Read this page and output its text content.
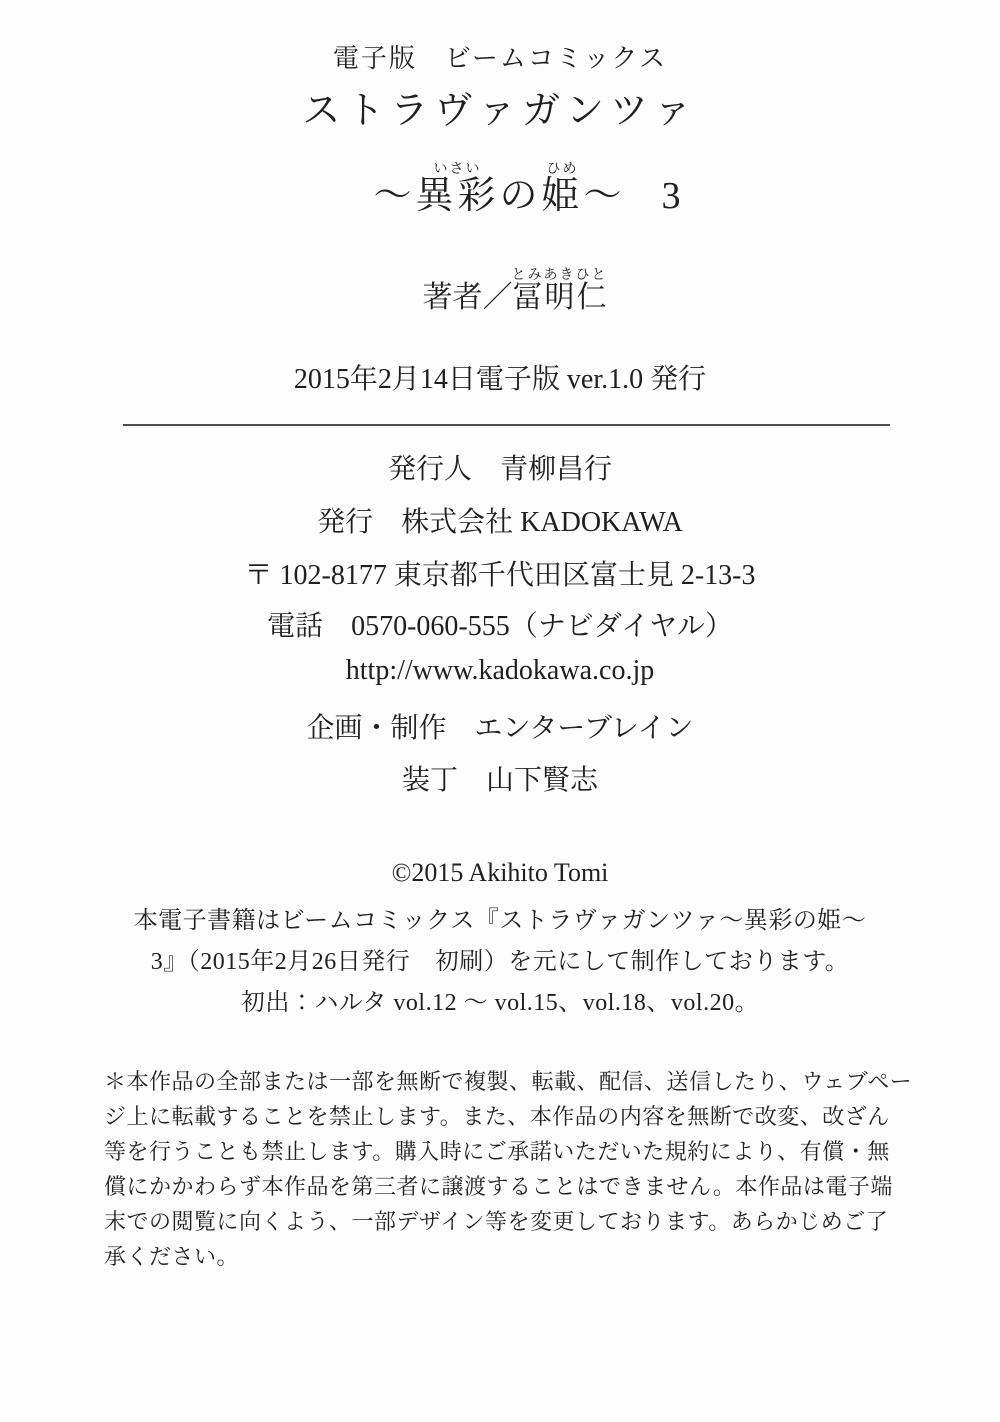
電子版　ビームコミックス
ストラヴァガンツァ

～異彩いさいの姫ひめ～ 3

著者／冨明仁とみあきひと

2015年2月14日電子版 ver.1.0 発行
発行人　青柳昌行
発行　株式会社 KADOKAWA
〒 102-8177 東京都千代田区富士見 2-13-3
電話　0570-060-555（ナビダイヤル）
http://www.kadokawa.co.jp
企画・制作　エンターブレイン
装丁　山下賢志
©2015 Akihito Tomi
本電子書籍はビームコミックス『ストラヴァガンツァ～異彩の姫～
3』（2015年2月26日発行　初刷）を元にして制作しております。
初出：ハルタ vol.12 ～ vol.15、vol.18、vol.20。
＊本作品の全部または一部を無断で複製、転載、配信、送信したり、ウェブペー
ジ上に転載することを禁止します。また、本作品の内容を無断で改変、改ざん
等を行うことも禁止します。購入時にご承諾いただいた規約により、有償・無
償にかかわらず本作品を第三者に譲渡することはできません。本作品は電子端
末での閲覧に向くよう、一部デザイン等を変更しております。あらかじめご了
承ください。
